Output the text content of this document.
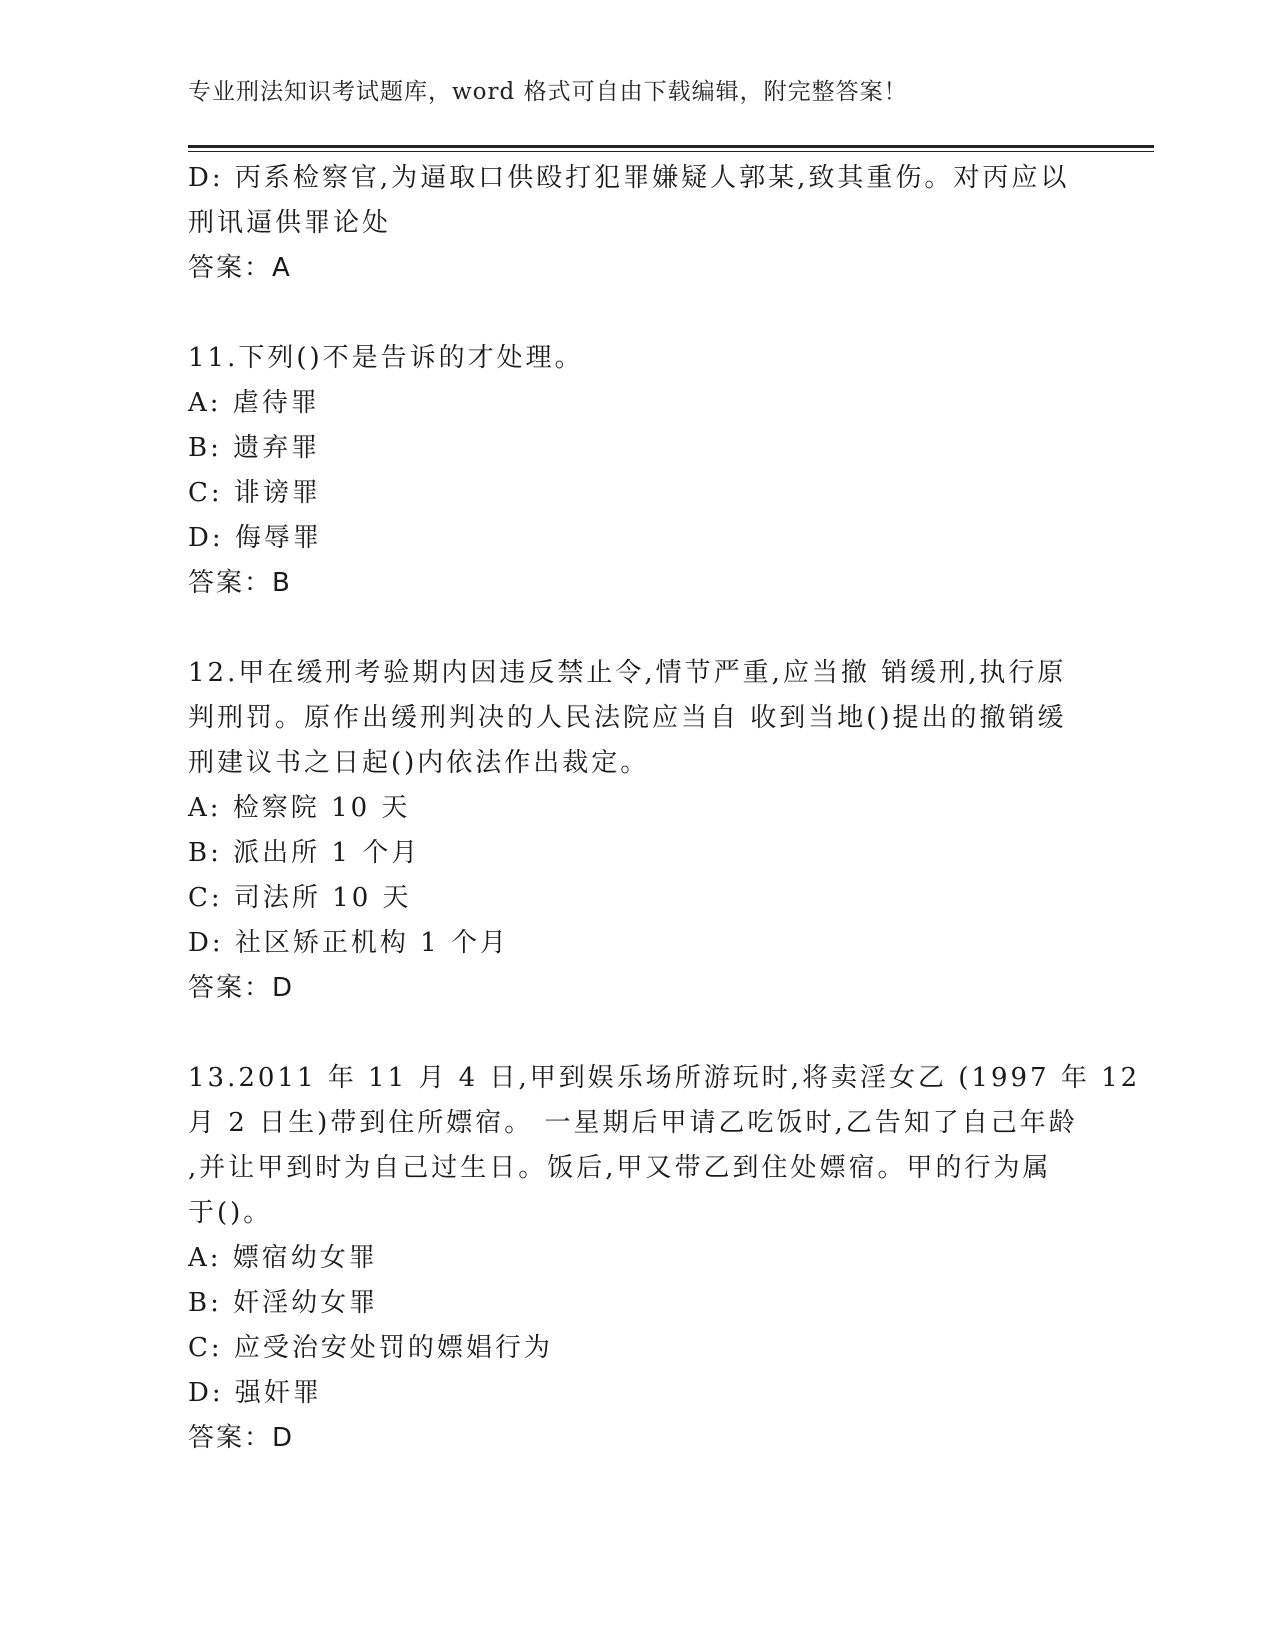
专业刑法知识考试题库，word 格式可自由下载编辑，附完整答案！
D: 丙系检察官,为逼取口供殴打犯罪嫌疑人郭某,致其重伤。对丙应以
刑讯逼供罪论处
答案：A
11.下列()不是告诉的才处理。
A: 虐待罪
B: 遗弃罪
C: 诽谤罪
D: 侮辱罪
答案：B
12.甲在缓刑考验期内因违反禁止令,情节严重,应当撤 销缓刑,执行原
判刑罚。原作出缓刑判决的人民法院应当自 收到当地()提出的撤销缓
刑建议书之日起()内依法作出裁定。
A: 检察院 10 天
B: 派出所 1 个月
C: 司法所 10 天
D: 社区矫正机构 1 个月
答案：D
13.2011 年 11 月 4 日,甲到娱乐场所游玩时,将卖淫女乙 (1997 年 12
月 2 日生)带到住所嫖宿。 一星期后甲请乙吃饭时,乙告知了自己年龄
,并让甲到时为自己过生日。饭后,甲又带乙到住处嫖宿。甲的行为属
于()。
A: 嫖宿幼女罪
B: 奸淫幼女罪
C: 应受治安处罚的嫖娼行为
D: 强奸罪
答案：D
